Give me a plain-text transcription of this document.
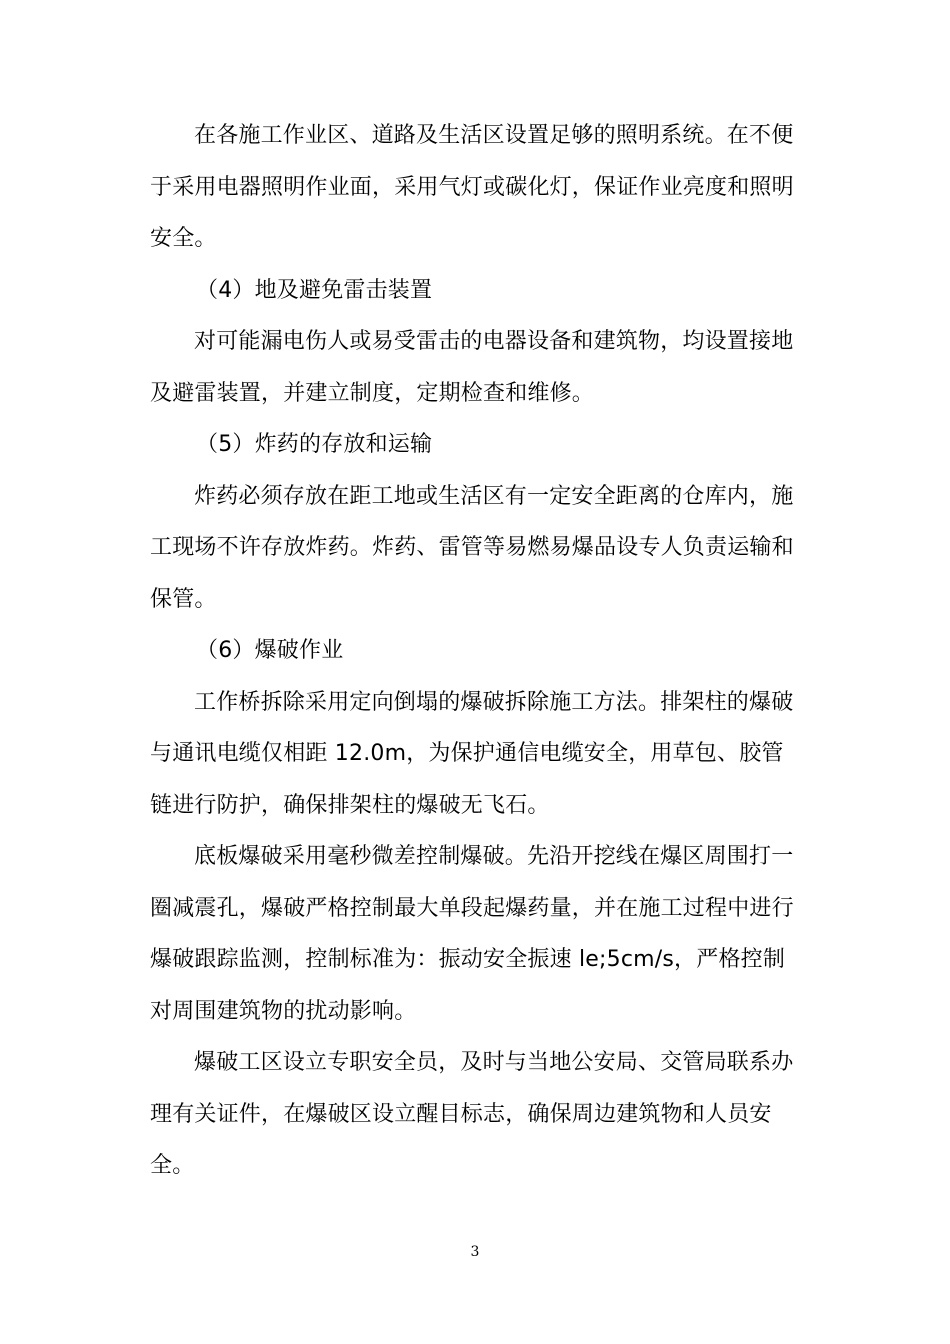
在各施工作业区、道路及生活区设置足够的照明系统。在不便于采用电器照明作业面，采用气灯或碳化灯，保证作业亮度和照明安全。

（4）地及避免雷击装置

对可能漏电伤人或易受雷击的电器设备和建筑物，均设置接地及避雷装置，并建立制度，定期检查和维修。

（5）炸药的存放和运输

炸药必须存放在距工地或生活区有一定安全距离的仓库内，施工现场不许存放炸药。炸药、雷管等易燃易爆品设专人负责运输和保管。

（6）爆破作业

工作桥拆除采用定向倒塌的爆破拆除施工方法。排架柱的爆破与通讯电缆仅相距 12.0m，为保护通信电缆安全，用草包、胶管链进行防护，确保排架柱的爆破无飞石。

底板爆破采用毫秒微差控制爆破。先沿开挖线在爆区周围打一圈减震孔，爆破严格控制最大单段起爆药量，并在施工过程中进行爆破跟踪监测，控制标准为：振动安全振速 le;5cm/s，严格控制对周围建筑物的扰动影响。

爆破工区设立专职安全员，及时与当地公安局、交管局联系办理有关证件，在爆破区设立醒目标志，确保周边建筑物和人员安全。

3
